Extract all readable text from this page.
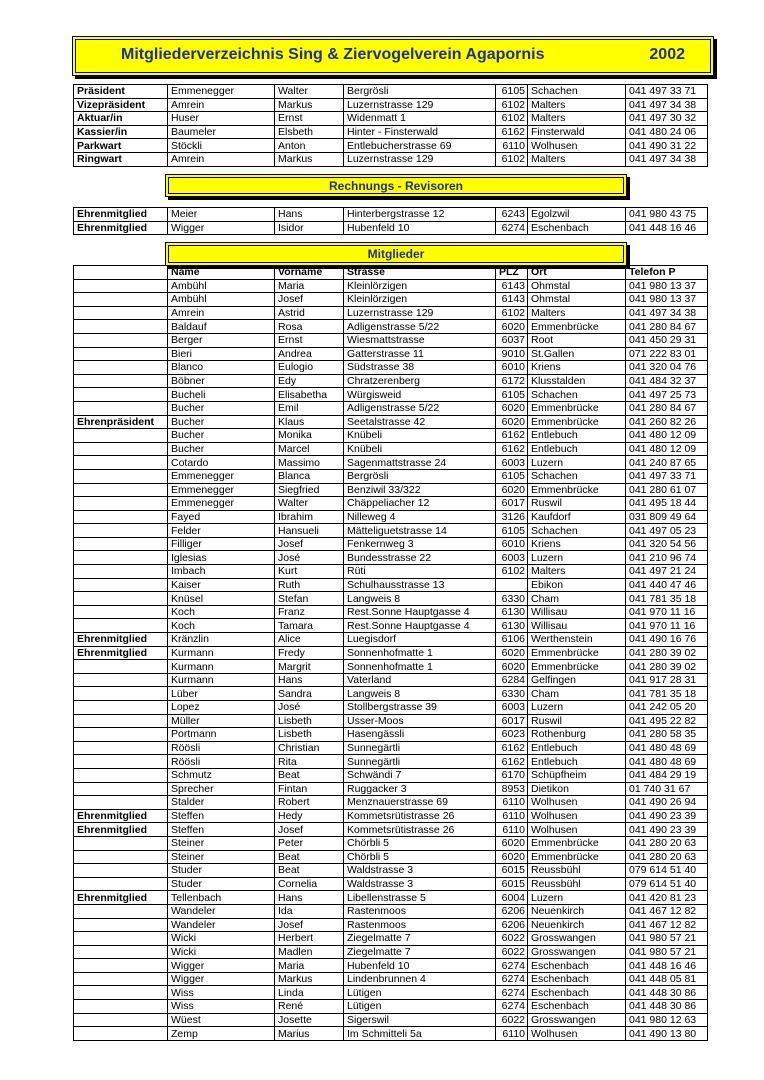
Mitgliederverzeichnis Sing & Ziervogelverein Agapornis	2002
Präsident	Emmenegger	Walter	Bergrösli	6105	Schachen	041 497 33 71
Vizepräsident	Amrein	Markus	Luzernstrasse 129	6102	Malters	041 497 34 38
Aktuar/in	Huser	Ernst	Widenmatt 1	6102	Malters	041 497 30 32
Kassier/in	Baumeler	Elsbeth	Hinter - Finsterwald	6162	Finsterwald	041 480 24 06
Parkwart	Stöckli	Anton	Entlebucherstrasse 69	6110	Wolhusen	041 490 31 22
Ringwart	Amrein	Markus	Luzernstrasse 129	6102	Malters	041 497 34 38
Rechnungs - Revisoren
Ehrenmitglied	Meier	Hans	Hinterbergstrasse 12	6243	Egolzwil	041 980 43 75
Ehrenmitglied	Wigger	Isidor	Hubenfeld 10	6274	Eschenbach	041 448 16 46
Mitglieder
	Name	Vorname	Strasse	PLZ	Ort	Telefon P
	Ambühl	Maria	Kleinlörzigen	6143	Ohmstal	041 980 13 37
	Ambühl	Josef	Kleinlörzigen	6143	Ohmstal	041 980 13 37
	Amrein	Astrid	Luzernstrasse 129	6102	Malters	041 497 34 38
	Baldauf	Rosa	Adligenstrasse 5/22	6020	Emmenbrücke	041 280 84 67
	Berger	Ernst	Wiesmattstrasse	6037	Root	041 450 29 31
	Bieri	Andrea	Gatterstrasse 11	9010	St.Gallen	071 222 83 01
	Blanco	Eulogio	Südstrasse 38	6010	Kriens	041 320 04 76
	Böbner	Edy	Chratzerenberg	6172	Klusstalden	041 484 32 37
	Bucheli	Elisabetha	Würgisweid	6105	Schachen	041 497 25 73
	Bucher	Emil	Adligenstrasse 5/22	6020	Emmenbrücke	041 280 84 67
Ehrenpräsident	Bucher	Klaus	Seetalstrasse 42	6020	Emmenbrücke	041 260 82 26
	Bucher	Monika	Knübeli	6162	Entlebuch	041 480 12 09
	Bucher	Marcel	Knübeli	6162	Entlebuch	041 480 12 09
	Cotardo	Massimo	Sagenmattstrasse 24	6003	Luzern	041 240 87 65
	Emmenegger	Blanca	Bergrösli	6105	Schachen	041 497 33 71
	Emmenegger	Siegfried	Benziwil 33/322	6020	Emmenbrücke	041 280 61 07
	Emmenegger	Walter	Chäppeliacher 12	6017	Ruswil	041 495 18 44
	Fayed	Ibrahim	Nilleweg 4	3126	Kaufdorf	031 809 49 64
	Felder	Hansueli	Mätteliguetstrasse 14	6105	Schachen	041 497 05 23
	Filliger	Josef	Fenkernweg 3	6010	Kriens	041 320 54 56
	Iglesias	José	Bundesstrasse 22	6003	Luzern	041 210 96 74
	Imbach	Kurt	Rüti	6102	Malters	041 497 21 24
	Kaiser	Ruth	Schulhausstrasse 13		Ebikon	041 440 47 46
	Knüsel	Stefan	Langweis 8	6330	Cham	041 781 35 18
	Koch	Franz	Rest.Sonne Hauptgasse 4	6130	Willisau	041 970 11 16
	Koch	Tamara	Rest.Sonne Hauptgasse 4	6130	Willisau	041 970 11 16
Ehrenmitglied	Kränzlin	Alice	Luegisdorf	6106	Werthenstein	041 490 16 76
Ehrenmitglied	Kurmann	Fredy	Sonnenhofmatte 1	6020	Emmenbrücke	041 280 39 02
	Kurmann	Margrit	Sonnenhofmatte 1	6020	Emmenbrücke	041 280 39 02
	Kurmann	Hans	Vaterland	6284	Gelfingen	041 917 28 31
	Lüber	Sandra	Langweis 8	6330	Cham	041 781 35 18
	Lopez	José	Stollbergstrasse 39	6003	Luzern	041 242 05 20
	Müller	Lisbeth	Usser-Moos	6017	Ruswil	041 495 22 82
	Portmann	Lisbeth	Hasengässli	6023	Rothenburg	041 280 58 35
	Röösli	Christian	Sunnegärtli	6162	Entlebuch	041 480 48 69
	Röösli	Rita	Sunnegärtli	6162	Entlebuch	041 480 48 69
	Schmutz	Beat	Schwändi 7	6170	Schüpfheim	041 484 29 19
	Sprecher	Fintan	Ruggacker 3	8953	Dietikon	01 740 31 67
	Stalder	Robert	Menznauerstrasse 69	6110	Wolhusen	041 490 26 94
Ehrenmitglied	Steffen	Hedy	Kommetsrütistrasse 26	6110	Wolhusen	041 490 23 39
Ehrenmitglied	Steffen	Josef	Kommetsrütistrasse 26	6110	Wolhusen	041 490 23 39
	Steiner	Peter	Chörbli 5	6020	Emmenbrücke	041 280 20 63
	Steiner	Beat	Chörbli 5	6020	Emmenbrücke	041 280 20 63
	Studer	Beat	Waldstrasse 3	6015	Reussbühl	079 614 51 40
	Studer	Cornelia	Waldstrasse 3	6015	Reussbühl	079 614 51 40
Ehrenmitglied	Tellenbach	Hans	Libellenstrasse 5	6004	Luzern	041 420 81 23
	Wandeler	Ida	Rastenmoos	6206	Neuenkirch	041 467 12 82
	Wandeler	Josef	Rastenmoos	6206	Neuenkirch	041 467 12 82
	Wicki	Herbert	Ziegelmatte 7	6022	Grosswangen	041 980 57 21
	Wicki	Madlen	Ziegelmatte 7	6022	Grosswangen	041 980 57 21
	Wigger	Maria	Hubenfeld 10	6274	Eschenbach	041 448 16 46
	Wigger	Markus	Lindenbrunnen 4	6274	Eschenbach	041 448 05 81
	Wiss	Linda	Lütigen	6274	Eschenbach	041 448 30 86
	Wiss	René	Lütigen	6274	Eschenbach	041 448 30 86
	Wüest	Josette	Sigerswil	6022	Grosswangen	041 980 12 63
	Zemp	Marius	Im Schmitteli 5a	6110	Wolhusen	041 490 13 80
